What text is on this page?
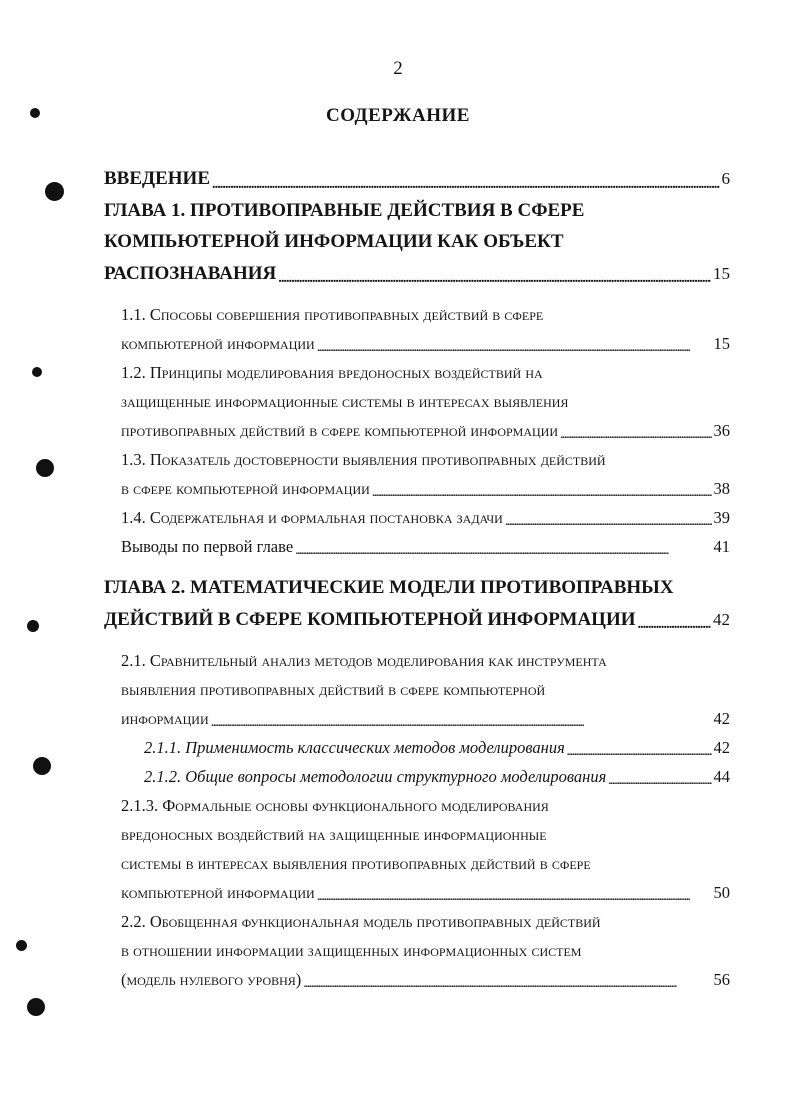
2
СОДЕРЖАНИЕ
ВВЕДЕНИЕ . . .	6
ГЛАВА 1. ПРОТИВОПРАВНЫЕ ДЕЙСТВИЯ В СФЕРЕ
КОМПЬЮТЕРНОЙ ИНФОРМАЦИИ КАК ОБЪЕКТ
РАСПОЗНАВАНИЯ . . .	15
1.1. Способы совершения противоправных действий в сфере
компьютерной информации . . .	15
1.2. Принципы моделирования вредоносных воздействий на
защищенные информационные системы в интересах выявления
противоправных действий в сфере компьютерной информации . . .	36
1.3. Показатель достоверности выявления противоправных действий
в сфере компьютерной информации . . .	38
1.4. Содержательная и формальная постановка задачи . . .	39
Выводы по первой главе . . .	41
ГЛАВА 2. МАТЕМАТИЧЕСКИЕ МОДЕЛИ ПРОТИВОПРАВНЫХ
ДЕЙСТВИЙ В СФЕРЕ КОМПЬЮТЕРНОЙ ИНФОРМАЦИИ . . .	42
2.1. Сравнительный анализ методов моделирования как инструмента
выявления противоправных действий в сфере компьютерной
информации . . .	42
2.1.1. Применимость классических методов моделирования . . .	42
2.1.2. Общие вопросы методологии структурного моделирования . . .	44
2.1.3. Формальные основы функционального моделирования
вредоносных воздействий на защищенные информационные
системы в интересах выявления противоправных действий в сфере
компьютерной информации . . .	50
2.2. Обобщенная функциональная модель противоправных действий
в отношении информации защищенных информационных систем
(модель нулевого уровня) . . .	56
